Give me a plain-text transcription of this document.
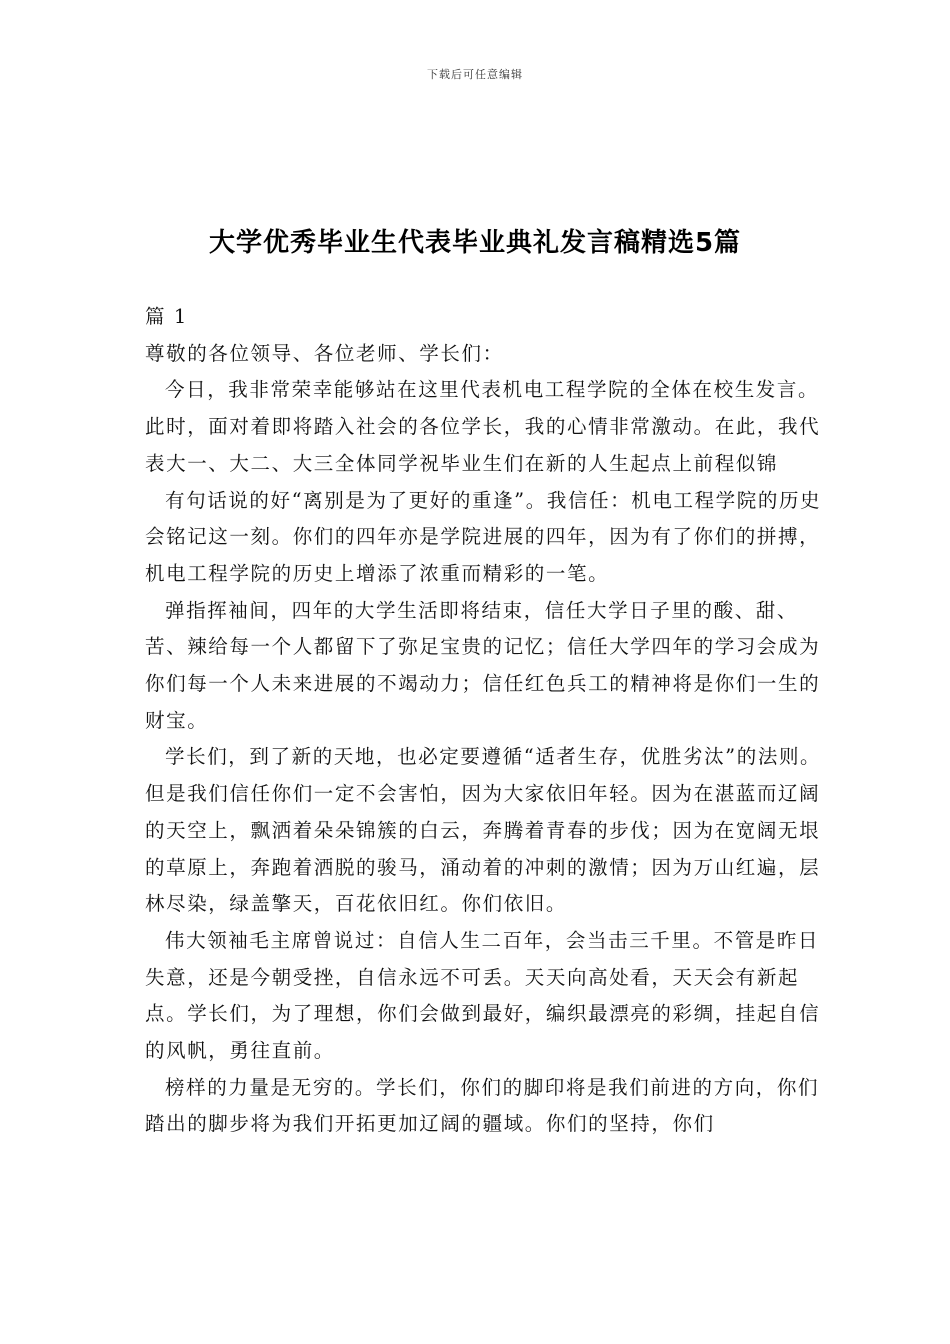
下载后可任意编辑
大学优秀毕业生代表毕业典礼发言稿精选5篇

篇 1

尊敬的各位领导、各位老师、学长们：

今日，我非常荣幸能够站在这里代表机电工程学院的全体在校生发言。此时，面对着即将踏入社会的各位学长，我的心情非常激动。在此，我代表大一、大二、大三全体同学祝毕业生们在新的人生起点上前程似锦

有句话说的好“离别是为了更好的重逢”。我信任：机电工程学院的历史会铭记这一刻。你们的四年亦是学院进展的四年，因为有了你们的拼搏，机电工程学院的历史上增添了浓重而精彩的一笔。

弹指挥袖间，四年的大学生活即将结束，信任大学日子里的酸、甜、苦、辣给每一个人都留下了弥足宝贵的记忆；信任大学四年的学习会成为你们每一个人未来进展的不竭动力；信任红色兵工的精神将是你们一生的财宝。

学长们，到了新的天地，也必定要遵循“适者生存，优胜劣汰”的法则。但是我们信任你们一定不会害怕，因为大家依旧年轻。因为在湛蓝而辽阔的天空上，飘洒着朵朵锦簇的白云，奔腾着青春的步伐；因为在宽阔无垠的草原上，奔跑着洒脱的骏马，涌动着的冲刺的激情；因为万山红遍，层林尽染，绿盖擎天，百花依旧红。你们依旧。

伟大领袖毛主席曾说过：自信人生二百年，会当击三千里。不管是昨日失意，还是今朝受挫，自信永远不可丢。天天向高处看，天天会有新起点。学长们，为了理想，你们会做到最好，编织最漂亮的彩绸，挂起自信的风帆，勇往直前。

榜样的力量是无穷的。学长们，你们的脚印将是我们前进的方向，你们踏出的脚步将为我们开拓更加辽阔的疆域。你们的坚持，你们
